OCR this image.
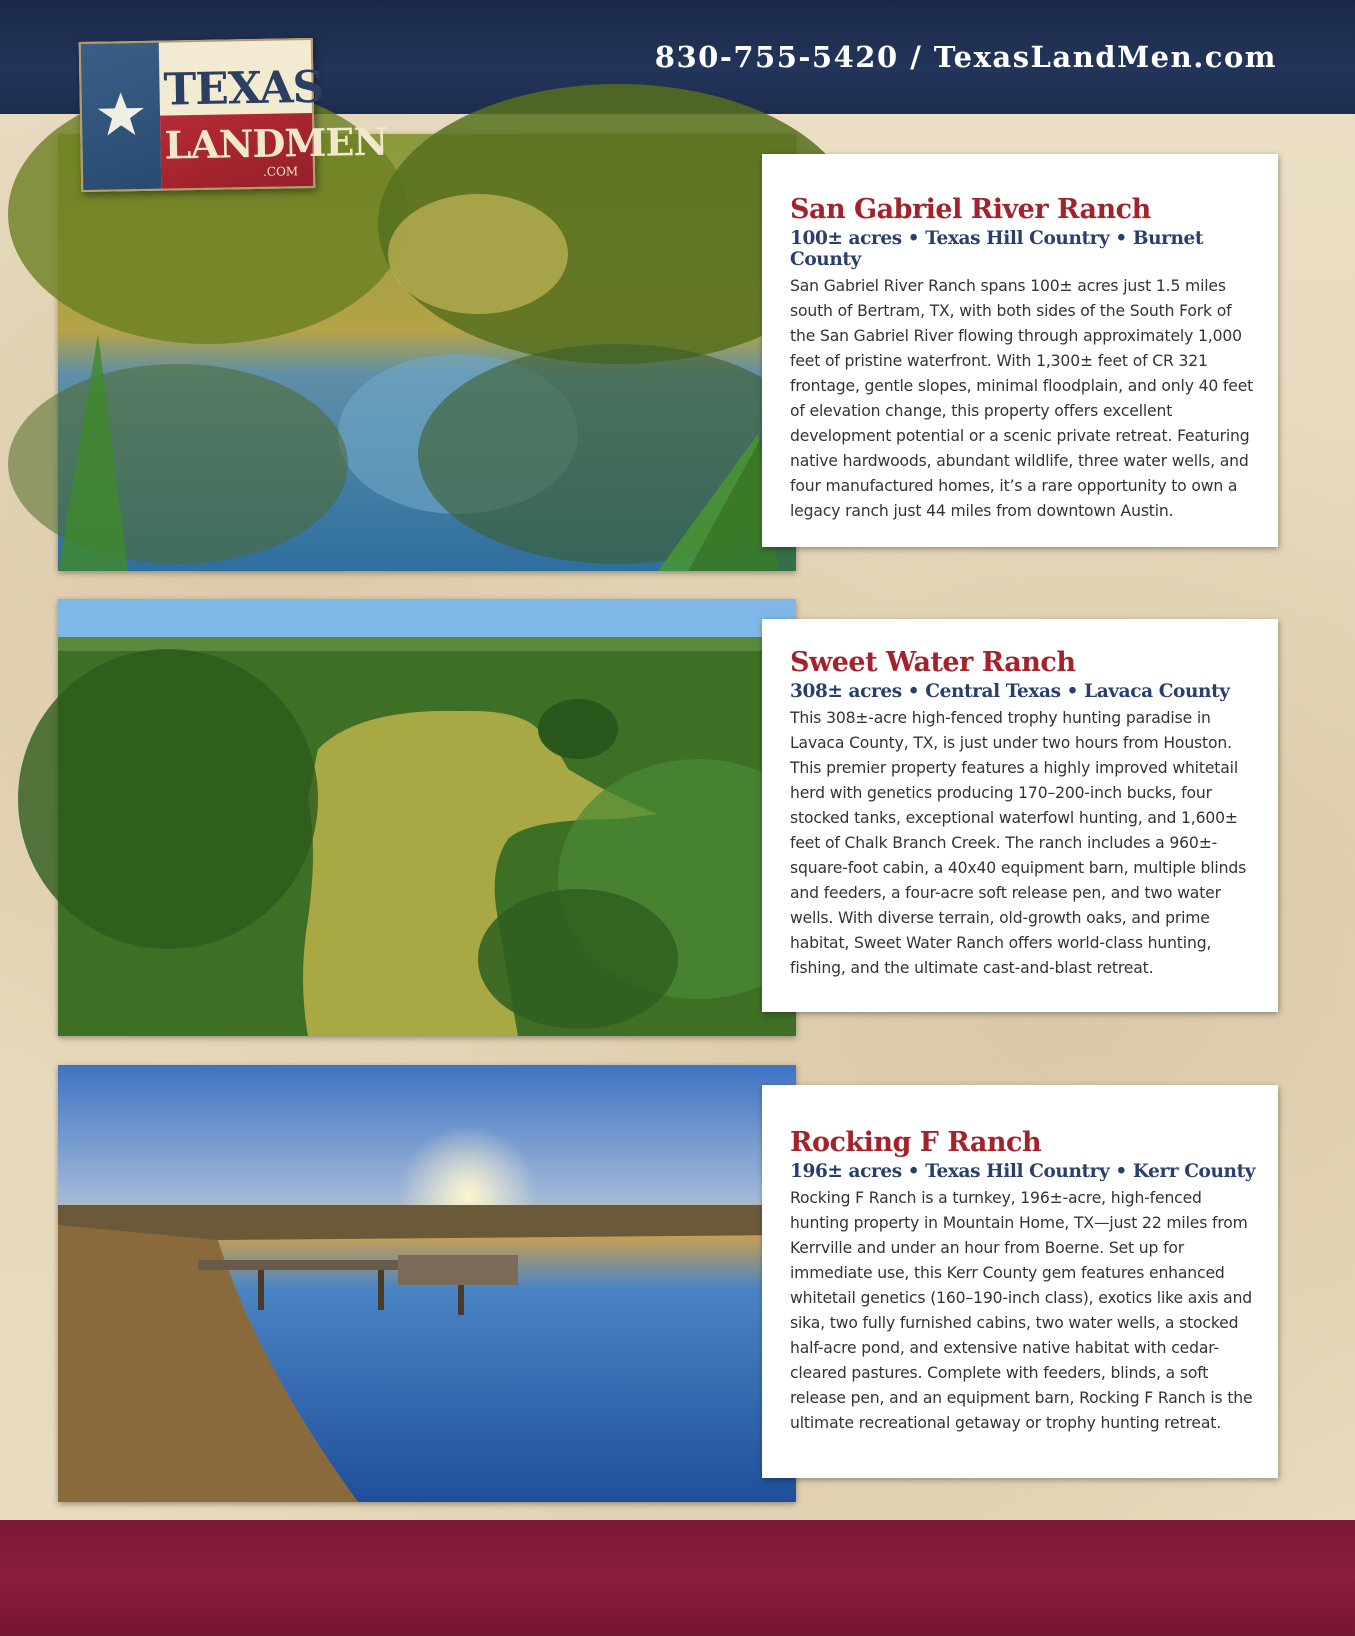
830-755-5420 / TexasLandMen.com
TEXAS
LANDMEN
.COM
San Gabriel River Ranch
100± acres • Texas Hill Country • Burnet County

San Gabriel River Ranch spans 100± acres just 1.5 miles south of Bertram, TX, with both sides of the South Fork of the San Gabriel River flowing through approximately 1,000 feet of pristine waterfront. With 1,300± feet of CR 321 frontage, gentle slopes, minimal floodplain, and only 40 feet of elevation change, this property offers excellent development potential or a scenic private retreat. Featuring native hardwoods, abundant wildlife, three water wells, and four manufactured homes, it’s a rare opportunity to own a legacy ranch just 44 miles from downtown Austin.

Sweet Water Ranch
308± acres • Central Texas • Lavaca County

This 308±-acre high-fenced trophy hunting paradise in Lavaca County, TX, is just under two hours from Houston. This premier property features a highly improved whitetail herd with genetics producing 170–200-inch bucks, four stocked tanks, exceptional waterfowl hunting, and 1,600± feet of Chalk Branch Creek. The ranch includes a 960±-square-foot cabin, a 40x40 equipment barn, multiple blinds and feeders, a four-acre soft release pen, and two water wells. With diverse terrain, old-growth oaks, and prime habitat, Sweet Water Ranch offers world-class hunting, fishing, and the ultimate cast-and-blast retreat.

Rocking F Ranch
196± acres • Texas Hill Country • Kerr County

Rocking F Ranch is a turnkey, 196±-acre, high-fenced hunting property in Mountain Home, TX—just 22 miles from Kerrville and under an hour from Boerne. Set up for immediate use, this Kerr County gem features enhanced whitetail genetics (160–190-inch class), exotics like axis and sika, two fully furnished cabins, two water wells, a stocked half-acre pond, and extensive native habitat with cedar-cleared pastures. Complete with feeders, blinds, a soft release pen, and an equipment barn, Rocking F Ranch is the ultimate recreational getaway or trophy hunting retreat.
